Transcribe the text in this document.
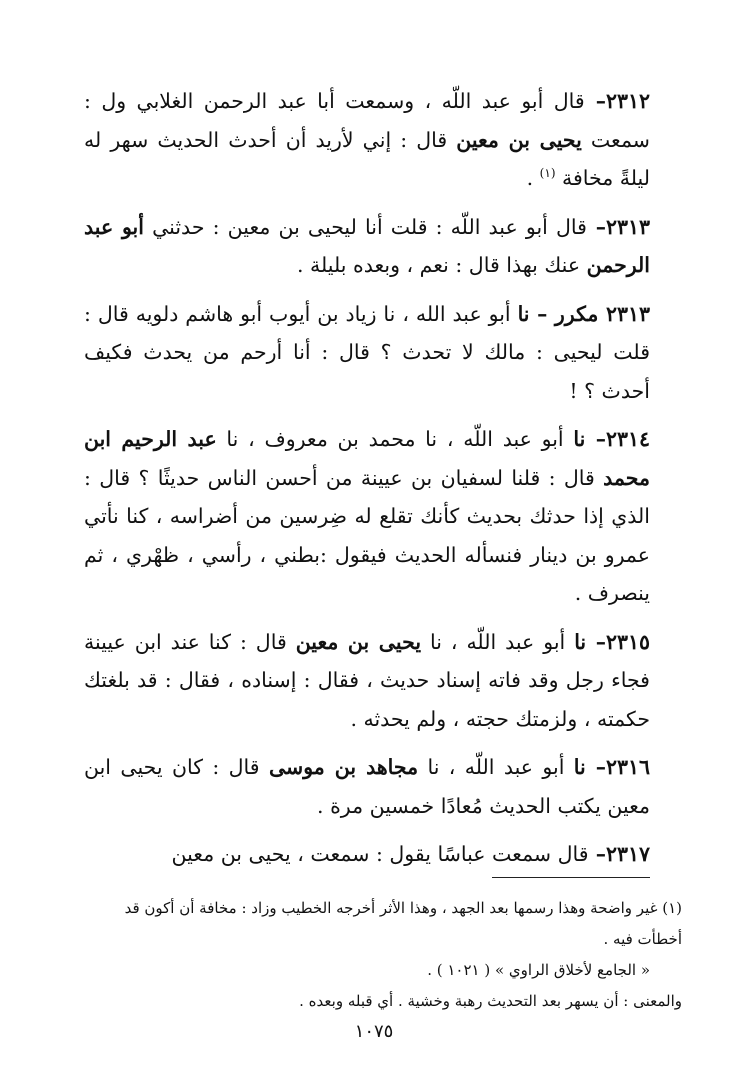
٢٣١٢– قال أبو عبد اللّه ، وسمعت أبا عبد الرحمن الغلابي ول : سمعت يحيى بن معين قال : إني لأريد أن أحدث الحديث سهر له ليلةً مخافة $^{(١)}$ .

٢٣١٣– قال أبو عبد اللّه : قلت أنا ليحيى بن معين : حدثني أبو عبد الرحمن عنك بهذا قال : نعم ، وبعده بليلة .

٢٣١٣ مكرر – نا أبو عبد الله ، نا زياد بن أيوب أبو هاشم دلويه قال : قلت ليحيى : مالك لا تحدث ؟ قال : أنا أرحم من يحدث فكيف أحدث ؟ !

٢٣١٤– نا أبو عبد اللّه ، نا محمد بن معروف ، نا عبد الرحيم ابن محمد قال : قلنا لسفيان بن عيينة من أحسن الناس حديثًا ؟ قال : الذي إذا حدثك بحديث كأنك تقلع له ضِرسين من أضراسه ، كنا نأتي عمرو بن دينار فنسأله الحديث فيقول :بطني ، رأسي ، ظهْري ، ثم ينصرف .

٢٣١٥– نا أبو عبد اللّه ، نا يحيى بن معين قال : كنا عند ابن عيينة فجاء رجل وقد فاته إسناد حديث ، فقال : إسناده ، فقال : قد بلغتك حكمته ، ولزمتك حجته ، ولم يحدثه .

٢٣١٦– نا أبو عبد اللّه ، نا مجاهد بن موسى قال : كان يحيى ابن معين يكتب الحديث مُعادًا خمسين مرة .

٢٣١٧– قال سمعت عباسًا يقول : سمعت ، يحيى بن معين

(١) غير واضحة وهذا رسمها بعد الجهد ، وهذا الأثر أخرجه الخطيب وزاد : مخافة أن أكون قد أخطأت فيه .

« الجامع لأخلاق الراوي » ( ١٠٢١ ) .

والمعنى : أن يسهر بعد التحديث رهبة وخشية . أي قبله وبعده .

١٠٧٥
